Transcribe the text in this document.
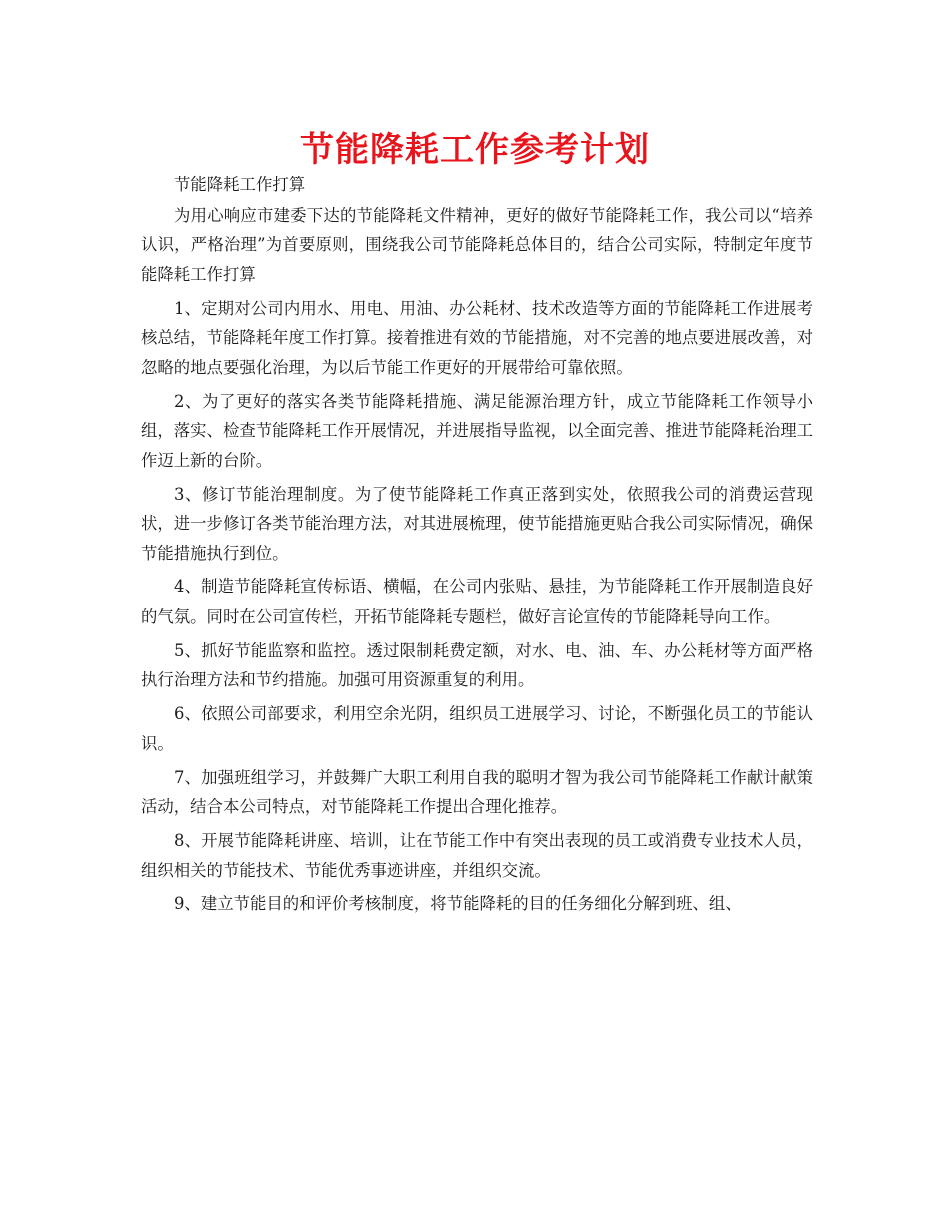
节能降耗工作参考计划

节能降耗工作打算

为用心响应市建委下达的节能降耗文件精神，更好的做好节能降耗工作，我公司以“培养认识，严格治理”为首要原则，围绕我公司节能降耗总体目的，结合公司实际，特制定年度节能降耗工作打算

1、定期对公司内用水、用电、用油、办公耗材、技术改造等方面的节能降耗工作进展考核总结，节能降耗年度工作打算。接着推进有效的节能措施，对不完善的地点要进展改善，对忽略的地点要强化治理，为以后节能工作更好的开展带给可靠依照。

2、为了更好的落实各类节能降耗措施、满足能源治理方针，成立节能降耗工作领导小组，落实、检查节能降耗工作开展情况，并进展指导监视，以全面完善、推进节能降耗治理工作迈上新的台阶。

3、修订节能治理制度。为了使节能降耗工作真正落到实处，依照我公司的消费运营现状，进一步修订各类节能治理方法，对其进展梳理，使节能措施更贴合我公司实际情况，确保节能措施执行到位。

4、制造节能降耗宣传标语、横幅，在公司内张贴、悬挂，为节能降耗工作开展制造良好的气氛。同时在公司宣传栏，开拓节能降耗专题栏，做好言论宣传的节能降耗导向工作。

5、抓好节能监察和监控。透过限制耗费定额，对水、电、油、车、办公耗材等方面严格执行治理方法和节约措施。加强可用资源重复的利用。

6、依照公司部要求，利用空余光阴，组织员工进展学习、讨论，不断强化员工的节能认识。

7、加强班组学习，并鼓舞广大职工利用自我的聪明才智为我公司节能降耗工作献计献策活动，结合本公司特点，对节能降耗工作提出合理化推荐。

8、开展节能降耗讲座、培训，让在节能工作中有突出表现的员工或消费专业技术人员，组织相关的节能技术、节能优秀事迹讲座，并组织交流。

9、建立节能目的和评价考核制度，将节能降耗的目的任务细化分解到班、组、
